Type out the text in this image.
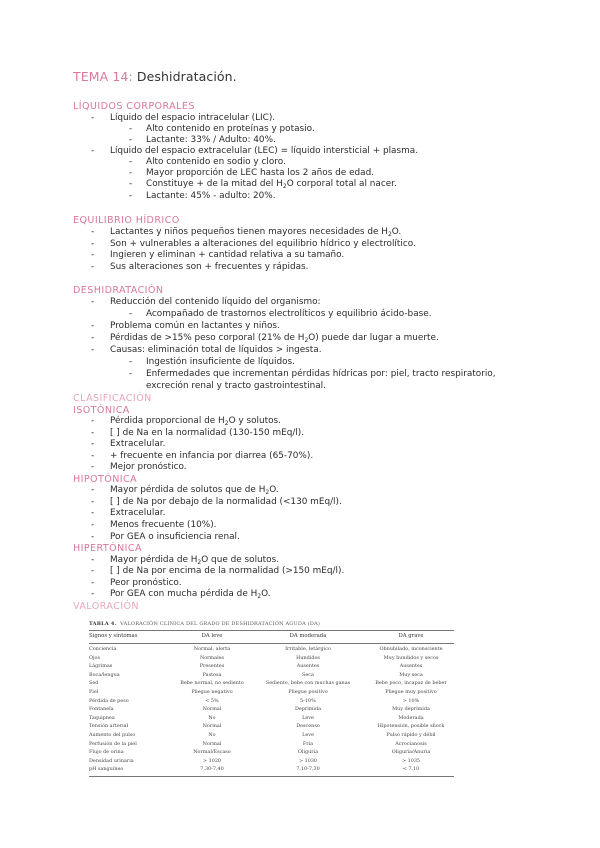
TEMA 14: Deshidratación.
LÍQUIDOS CORPORALES
- Líquido del espacio intracelular (LIC).
- Alto contenido en proteínas y potasio.
- Lactante: 33% / Adulto: 40%.
- Líquido del espacio extracelular (LEC) = líquido intersticial + plasma.
- Alto contenido en sodio y cloro.
- Mayor proporción de LEC hasta los 2 años de edad.
- Constituye + de la mitad del $H_2O$ corporal total al nacer.
- Lactante: 45% - adulto: 20%.
EQUILIBRIO HÍDRICO
- Lactantes y niños pequeños tienen mayores necesidades de $H_2O$.
- Son + vulnerables a alteraciones del equilibrio hídrico y electrolítico.
- Ingieren y eliminan + cantidad relativa a su tamaño.
- Sus alteraciones son + frecuentes y rápidas.
DESHIDRATACIÓN
- Reducción del contenido líquido del organismo:
- Acompañado de trastornos electrolíticos y equilibrio ácido-base.
- Problema común en lactantes y niños.
- Pérdidas de >15% peso corporal (21% de $H_2O$) puede dar lugar a muerte.
- Causas: eliminación total de líquidos > ingesta.
- Ingestión insuficiente de líquidos.
- Enfermedades que incrementan pérdidas hídricas por: piel, tracto respiratorio,
excreción renal y tracto gastrointestinal.
CLASIFICACIÓN
ISOTÓNICA
- Pérdida proporcional de $H_2O$ y solutos.
- [ ] de Na en la normalidad (130-150 mEq/l).
- Extracelular.
- + frecuente en infancia por diarrea (65-70%).
- Mejor pronóstico.
HIPOTÓNICA
- Mayor pérdida de solutos que de $H_2O$.
- [ ] de Na por debajo de la normalidad (<130 mEq/l).
- Extracelular.
- Menos frecuente (10%).
- Por GEA o insuficiencia renal.
HIPERTÓNICA
- Mayor pérdida de $H_2O$ que de solutos.
- [ ] de Na por encima de la normalidad (>150 mEq/l).
- Peor pronóstico.
- Por GEA con mucha pérdida de $H_2O$.
VALORACIÓN
TABLA 4. VALORACIÓN CLÍNICA DEL GRADO DE DESHIDRATACIÓN AGUDA (DA)
Signos y síntomas	DA leve	DA moderada	DA grave
Conciencia	Normal, alerta	Irritable, letárgico	Obnubilado, inconsciente
Ojos	Normales	Hundidos	Muy hundidos y secos
Lágrimas	Presentes	Ausentes	Ausentes
Boca/lengua	Pastosa	Seca	Muy seca
Sed	Bebe normal, no sediento	Sediento, bebe con muchas ganas	Bebe poco, incapaz de beber
Piel	Pliegue negativo	Pliegue positivo	Pliegue muy positivo
Pérdida de peso	< 5%	5-10%	> 10%
Fontanela	Normal	Deprimida	Muy deprimida
Taquipnea	No	Leve	Moderada
Tensión arterial	Normal	Descenso	Hipotensión, posible shock
Aumento del pulso	No	Leve	Pulso rápido y débil
Perfusión de la piel	Normal	Fría	Acrocianosis
Flujo de orina	Normal/Escaso	Oliguria	Oliguria/Anuria
Densidad urinaria	> 1020	> 1030	> 1035
pH sanguíneo	7,30-7,40	7,10-7,30	< 7,10
